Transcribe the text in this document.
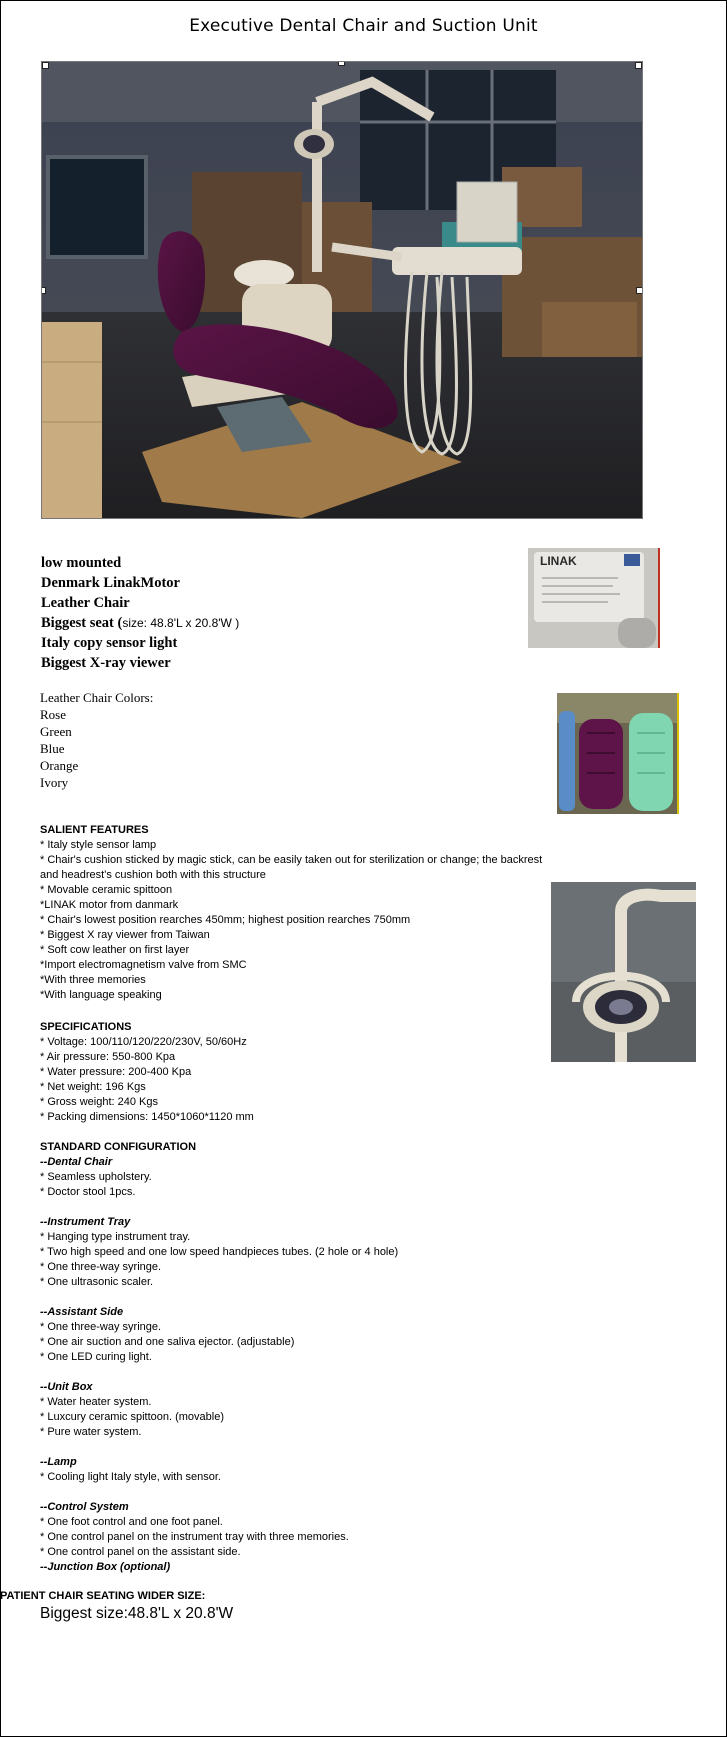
Executive Dental Chair and Suction Unit
low mounted
Denmark LinakMotor
Leather Chair
Biggest seat (size: 48.8'L x 20.8'W )
Italy copy sensor light
Biggest X-ray viewer
LINAK
Leather Chair Colors:
Rose
Green
Blue
Orange
Ivory
SALIENT FEATURES
* Italy style sensor lamp
* Chair's cushion sticked by magic stick, can be easily taken out for sterilization or change; the backrest
and headrest's cushion both with this structure
* Movable ceramic spittoon
*LINAK motor from danmark
* Chair's lowest position rearches 450mm; highest position rearches 750mm
* Biggest X ray viewer from Taiwan
* Soft cow leather on first layer
*Import electromagnetism valve from SMC
*With three memories
*With language speaking
SPECIFICATIONS
* Voltage: 100/110/120/220/230V, 50/60Hz
* Air pressure: 550-800 Kpa
* Water pressure: 200-400 Kpa
* Net weight: 196 Kgs
* Gross weight: 240 Kgs
* Packing dimensions: 1450*1060*1120 mm
STANDARD CONFIGURATION
--Dental Chair
* Seamless upholstery.
* Doctor stool 1pcs.
--Instrument Tray
* Hanging type instrument tray.
* Two high speed and one low speed handpieces tubes. (2 hole or 4 hole)
* One three-way syringe.
* One ultrasonic scaler.
--Assistant Side
* One three-way syringe.
* One air suction and one saliva ejector. (adjustable)
* One LED curing light.
--Unit Box
* Water heater system.
* Luxcury ceramic spittoon. (movable)
* Pure water system.
--Lamp
* Cooling light Italy style, with sensor.
--Control System
* One foot control and one foot panel.
* One control panel on the instrument tray with three memories.
* One control panel on the assistant side.
--Junction Box (optional)
PATIENT CHAIR SEATING WIDER SIZE:
Biggest size:48.8'L x 20.8'W
